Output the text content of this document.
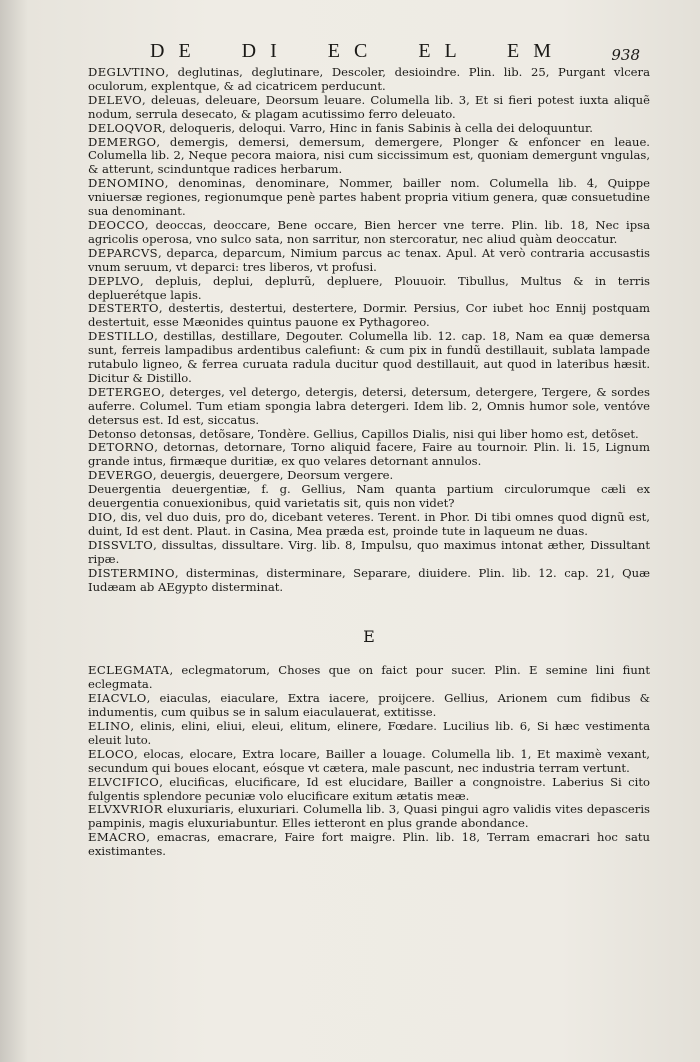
DE DI EC EL EM	938

DEGLVTINO, deglutinas, deglutinare, Descoler, desioindre. Plin. lib. 25, Purgant vlcera oculorum, explentque, & ad cicatricem perducunt.

DELEVO, deleuas, deleuare, Deorsum leuare. Columella lib. 3, Et si fieri potest iuxta aliquẽ nodum, serrula desecato, & plagam acutissimo ferro deleuato.

DELOQVOR, deloqueris, deloqui. Varro, Hinc in fanis Sabinis à cella dei deloquuntur.

DEMERGO, demergis, demersi, demersum, demergere, Plonger & enfoncer en leaue. Columella lib. 2, Neque pecora maiora, nisi cum siccissimum est, quoniam demergunt vngulas, & atterunt, scinduntque radices herbarum.

DENOMINO, denominas, denominare, Nommer, bailler nom. Columella lib. 4, Quippe vniuersæ regiones, regionumque penè partes habent propria vitium genera, quæ consuetudine sua denominant.

DEOCCO, deoccas, deoccare, Bene occare, Bien hercer vne terre. Plin. lib. 18, Nec ipsa agricolis operosa, vno sulco sata, non sarritur, non stercoratur, nec aliud quàm deoccatur.

DEPARCVS, deparca, deparcum, Nimium parcus ac tenax. Apul. At verò contraria accusastis vnum seruum, vt deparci: tres liberos, vt profusi.

DEPLVO, depluis, deplui, depluтũ, depluere, Plouuoir. Tibullus, Multus & in terris depluerétque lapis.

DESTERTO, destertis, destertui, destertere, Dormir. Persius, Cor iubet hoc Ennij postquam destertuit, esse Mæonides quintus pauone ex Pythagoreo.

DESTILLO, destillas, destillare, Degouter. Columella lib. 12. cap. 18, Nam ea quæ demersa sunt, ferreis lampadibus ardentibus calefiunt: & cum pix in fundũ destillauit, sublata lampade rutabulo ligneo, & ferrea curuata radula ducitur quod destillauit, aut quod in lateribus hæsit. Dicitur & Distillo.

DETERGEO, deterges, vel detergo, detergis, detersi, detersum, detergere, Tergere, & sordes auferre. Columel. Tum etiam spongia labra detergeri. Idem lib. 2, Omnis humor sole, ventóve detersus est. Id est, siccatus.

Detonso detonsas, detõsare, Tondère. Gellius, Capillos Dialis, nisi qui liber homo est, detõset.

DETORNO, detornas, detornare, Torno aliquid facere, Faire au tournoir. Plin. li. 15, Lignum grande intus, firmæque duritiæ, ex quo velares detornant annulos.

DEVERGO, deuergis, deuergere, Deorsum vergere.

Deuergentia deuergentiæ, f. g. Gellius, Nam quanta partium circulorumque cæli ex deuergentia conuexionibus, quid varietatis sit, quis non videt?

DIO, dis, vel duo duis, pro do, dicebant veteres. Terent. in Phor. Di tibi omnes quod dignũ est, duint, Id est dent. Plaut. in Casina, Mea præda est, proinde tute in laqueum ne duas.

DISSVLTO, dissultas, dissultare. Virg. lib. 8, Impulsu, quo maximus intonat æther, Dissultant ripæ.

DISTERMINO, disterminas, disterminare, Separare, diuidere. Plin. lib. 12. cap. 21, Quæ Iudæam ab AEgypto disterminat.

E

ECLEGMATA, eclegmatorum, Choses que on faict pour sucer. Plin. E semine lini fiunt eclegmata.

EIACVLO, eiaculas, eiaculare, Extra iacere, proijcere. Gellius, Arionem cum fidibus & indumentis, cum quibus se in salum eiaculauerat, extitisse.

ELINO, elinis, elini, eliui, eleui, elitum, elinere, Fœdare. Lucilius lib. 6, Si hæc vestimenta eleuit luto.

ELOCO, elocas, elocare, Extra locare, Bailler a louage. Columella lib. 1, Et maximè vexant, secundum qui boues elocant, eósque vt cætera, male pascunt, nec industria terram vertunt.

ELVCIFICO, elucificas, elucificare, Id est elucidare, Bailler a congnoistre. Laberius Si cito fulgentis splendore pecuniæ volo elucificare exitum ætatis meæ.

ELVXVRIOR eluxuriaris, eluxuriari. Columella lib. 3, Quasi pingui agro validis vites depasceris pampinis, magis eluxuriabuntur. Elles ietteront en plus grande abondance.

EMACRO, emacras, emacrare, Faire fort maigre. Plin. lib. 18, Terram emacrari hoc satu existimantes.
